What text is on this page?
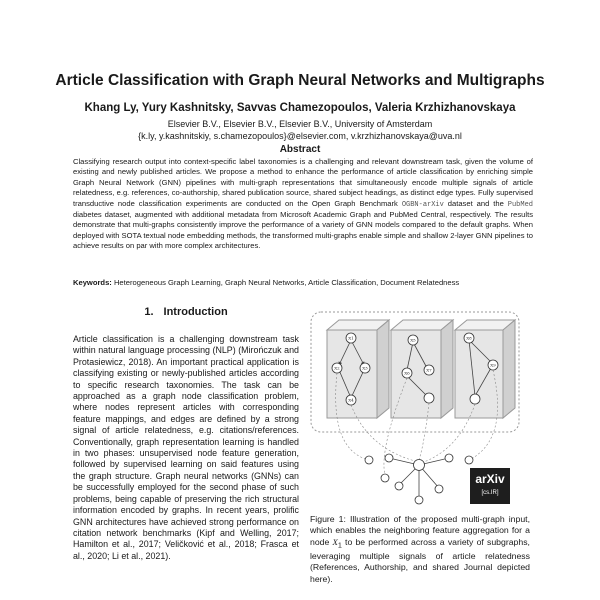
Article Classification with Graph Neural Networks and Multigraphs
Khang Ly, Yury Kashnitsky, Savvas Chamezopoulos, Valeria Krzhizhanovskaya
Elsevier B.V., Elsevier B.V., Elsevier B.V., University of Amsterdam
{k.ly, y.kashnitskiy, s.chamezopoulos}@elsevier.com, v.krzhizhanovskaya@uva.nl
Abstract
Classifying research output into context-specific label taxonomies is a challenging and relevant downstream task, given the volume of existing and newly published articles. We propose a method to enhance the performance of article classification by enriching simple Graph Neural Network (GNN) pipelines with multi-graph representations that simultaneously encode multiple signals of article relatedness, e.g. references, co-authorship, shared publication source, shared subject headings, as distinct edge types. Fully supervised transductive node classification experiments are conducted on the Open Graph Benchmark OGBN-arXiv dataset and the PubMed diabetes dataset, augmented with additional metadata from Microsoft Academic Graph and PubMed Central, respectively. The results demonstrate that multi-graphs consistently improve the performance of a variety of GNN models compared to the default graphs. When deployed with SOTA textual node embedding methods, the transformed multi-graphs enable simple and shallow 2-layer GNN pipelines to achieve results on par with more complex architectures.
Keywords: Heterogeneous Graph Learning, Graph Neural Networks, Article Classification, Document Relatedness
1. Introduction
Article classification is a challenging downstream task within natural language processing (NLP) (Mirończuk and Protasiewicz, 2018). An important practical application is classifying existing or newly-published articles according to specific research taxonomies. The task can be approached as a graph node classification problem, where nodes represent articles with corresponding feature mappings, and edges are defined by a strong signal of article relatedness, e.g. citations/references. Conventionally, graph representation learning is handled in two phases: unsupervised node feature generation, followed by supervised learning on said features using the graph structure. Graph neural networks (GNNs) can be successfully employed for the second phase of such problems, being capable of preserving the rich structural information encoded by graphs. In recent years, prolific GNN architectures have achieved strong performance on citation network benchmarks (Kipf and Welling, 2017; Hamilton et al., 2017; Veličković et al., 2018; Frasca et al., 2020; Li et al., 2021).
X1
X2	X3
X4
X5
X6
X7
X8
X9
arXiv
[cs.IR]
Figure 1: Illustration of the proposed multi-graph input, which enables the neighboring feature aggregation for a node $X_1$ to be performed across a variety of subgraphs, leveraging multiple signals of article relatedness (References, Authorship, and shared Journal depicted here).
